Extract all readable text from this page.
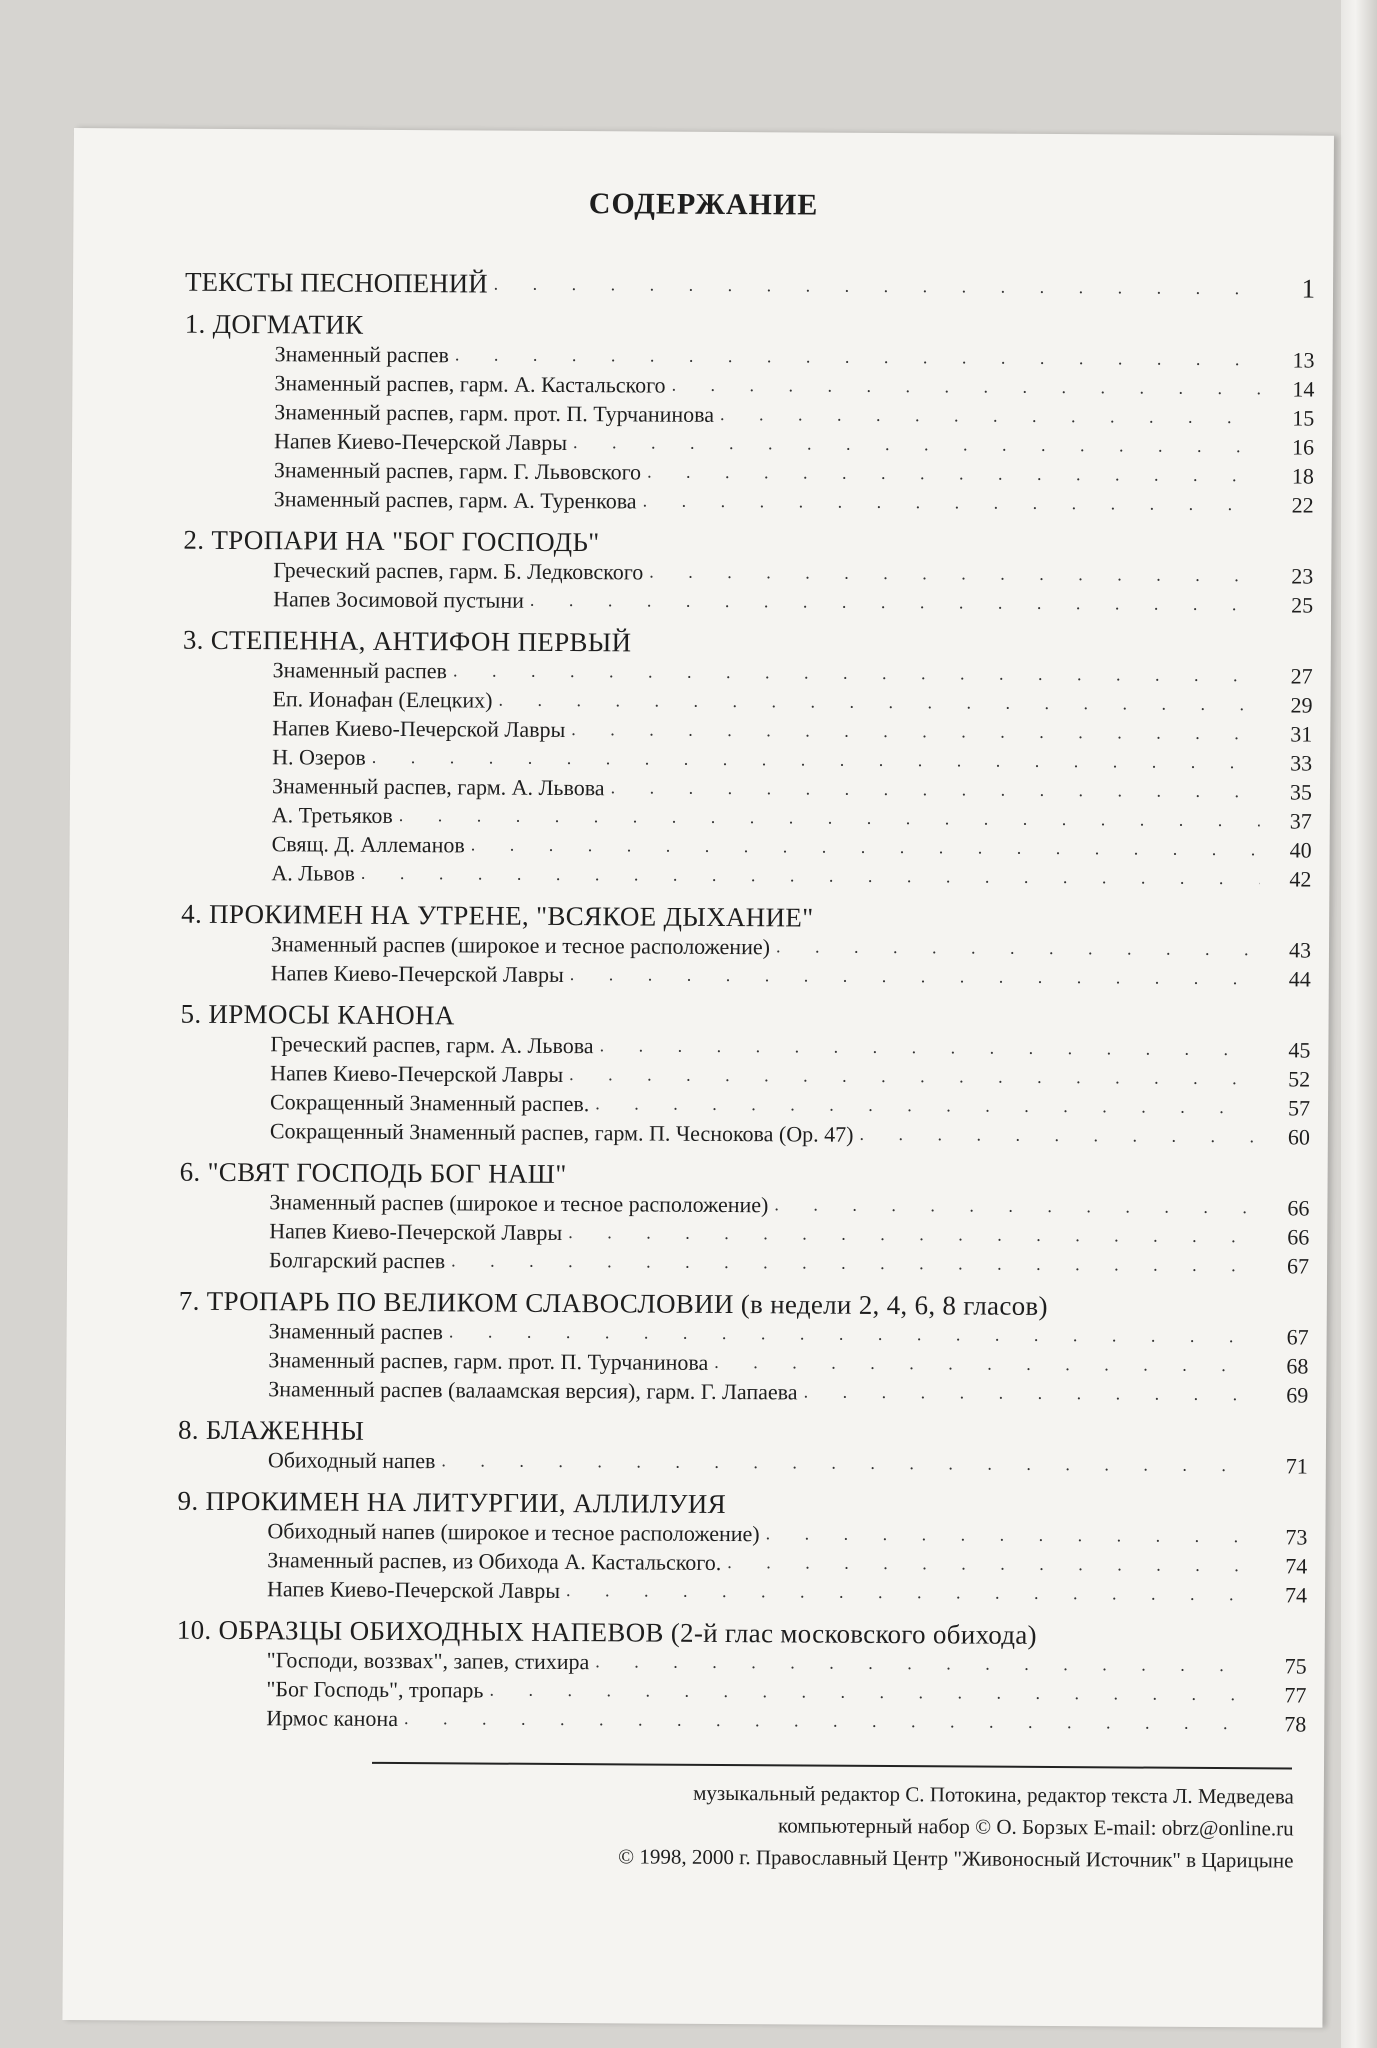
СОДЕРЖАНИЕ
ТЕКСТЫ ПЕСНОПЕНИЙ . . .	1
1. ДОГМАТИК
Знаменный распев . . .	13
Знаменный распев, гарм. А. Кастальского . . .	14
Знаменный распев, гарм. прот. П. Турчанинова . . .	15
Напев Киево-Печерской Лавры . . .	16
Знаменный распев, гарм. Г. Львовского . . .	18
Знаменный распев, гарм. А. Туренкова . . .	22
2. ТРОПАРИ НА "БОГ ГОСПОДЬ"
Греческий распев, гарм. Б. Ледковского . . .	23
Напев Зосимовой пустыни . . .	25
3. СТЕПЕННА, АНТИФОН ПЕРВЫЙ
Знаменный распев . . .	27
Еп. Ионафан (Елецких) . . .	29
Напев Киево-Печерской Лавры . . .	31
Н. Озеров . . .	33
Знаменный распев, гарм. А. Львова . . .	35
А. Третьяков . . .	37
Свящ. Д. Аллеманов . . .	40
А. Львов . . .	42
4. ПРОКИМЕН НА УТРЕНЕ, "ВСЯКОЕ ДЫХАНИЕ"
Знаменный распев (широкое и тесное расположение) . . .	43
Напев Киево-Печерской Лавры . . .	44
5. ИРМОСЫ КАНОНА
Греческий распев, гарм. А. Львова . . .	45
Напев Киево-Печерской Лавры . . .	52
Сокращенный Знаменный распев. . . .	57
Сокращенный Знаменный распев, гарм. П. Чеснокова (Ор. 47) . . .	60
6. "СВЯТ ГОСПОДЬ БОГ НАШ"
Знаменный распев (широкое и тесное расположение) . . .	66
Напев Киево-Печерской Лавры . . .	66
Болгарский распев . . .	67
7. ТРОПАРЬ ПО ВЕЛИКОМ СЛАВОСЛОВИИ (в недели 2, 4, 6, 8 гласов)
Знаменный распев . . .	67
Знаменный распев, гарм. прот. П. Турчанинова . . .	68
Знаменный распев (валаамская версия), гарм. Г. Лапаева . . .	69
8. БЛАЖЕННЫ
Обиходный напев . . .	71
9. ПРОКИМЕН НА ЛИТУРГИИ, АЛЛИЛУИЯ
Обиходный напев (широкое и тесное расположение) . . .	73
Знаменный распев, из Обихода А. Кастальского. . . .	74
Напев Киево-Печерской Лавры . . .	74
10. ОБРАЗЦЫ ОБИХОДНЫХ НАПЕВОВ (2-й глас московского обихода)
"Господи, воззвах", запев, стихира . . .	75
"Бог Господь", тропарь . . .	77
Ирмос канона . . .	78
музыкальный редактор С. Потокина, редактор текста Л. Медведева
компьютерный набор © О. Борзых E-mail: obrz@online.ru
© 1998, 2000 г. Православный Центр "Живоносный Источник" в Царицыне
